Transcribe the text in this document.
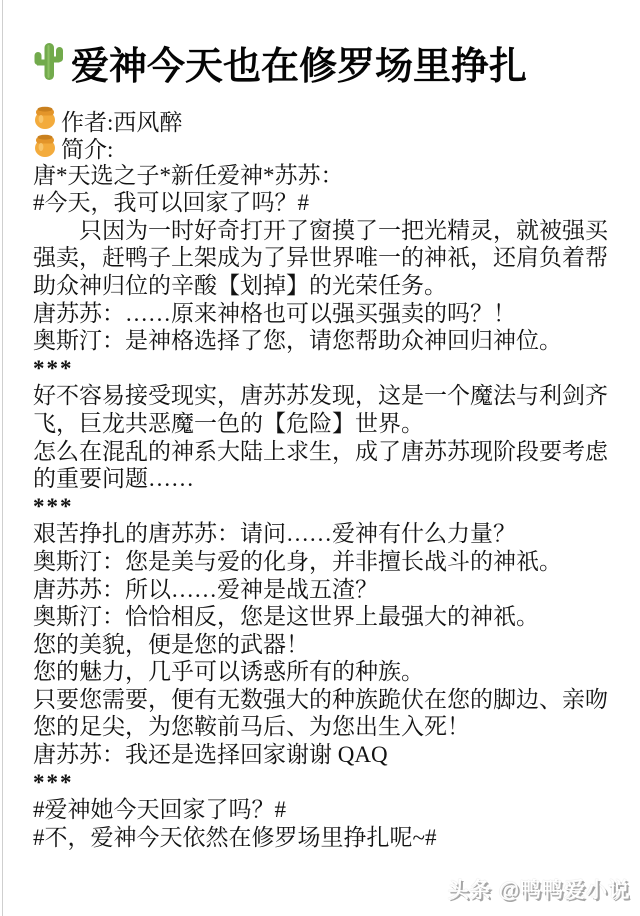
爱神今天也在修罗场里挣扎
作者:西风醉
简介:

唐*天选之子*新任爱神*苏苏：

#今天，我可以回家了吗？#

只因为一时好奇打开了窗摸了一把光精灵，就被强买强卖，赶鸭子上架成为了异世界唯一的神祇，还肩负着帮助众神归位的辛酸【划掉】的光荣任务。

唐苏苏：……原来神格也可以强买强卖的吗？！

奥斯汀：是神格选择了您，请您帮助众神回归神位。

***

好不容易接受现实，唐苏苏发现，这是一个魔法与利剑齐飞，巨龙共恶魔一色的【危险】世界。

怎么在混乱的神系大陆上求生，成了唐苏苏现阶段要考虑的重要问题……

***

艰苦挣扎的唐苏苏：请问……爱神有什么力量？

奥斯汀：您是美与爱的化身，并非擅长战斗的神祇。

唐苏苏：所以……爱神是战五渣？

奥斯汀：恰恰相反，您是这世界上最强大的神祇。

您的美貌，便是您的武器！

您的魅力，几乎可以诱惑所有的种族。

只要您需要，便有无数强大的种族跪伏在您的脚边、亲吻您的足尖，为您鞍前马后、为您出生入死！

唐苏苏：我还是选择回家谢谢 QAQ

***

#爱神她今天回家了吗？#

#不，爱神今天依然在修罗场里挣扎呢~#

头条 @鸭鸭爱小说
